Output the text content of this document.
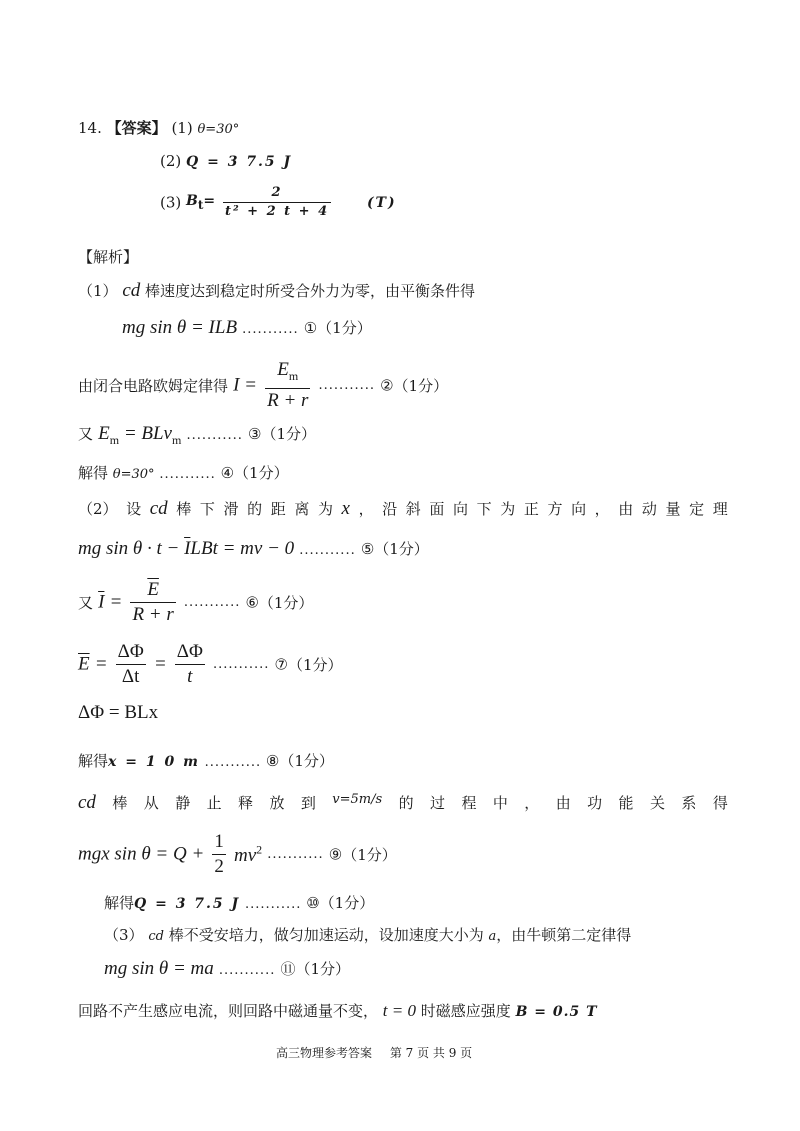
14. 【答案】 (1) θ=30°
(2) Q = 3 7.5 J
(3) $B_t= \frac{2}{\text{t² + 2 t + 4}}$	(T)
【解析】
（1） cd 棒速度达到稳定时所受合外力为零，由平衡条件得
mg sin θ = ILB ........... ①（1分）
由闭合电路欧姆定律得 $I = \frac{E_m}{R + r}$ ........... ②（1分）
又 $E_m = BLv_m$ ........... ③（1分）
解得 θ=30° ........... ④（1分）
（2） 设 cd 棒 下 滑 的 距 离 为 x ， 沿 斜 面 向 下 为 正 方 向 ， 由 动 量 定 理
mg $\sin \theta \cdot t - \overline{I}LBt$ = mv − 0 ........... ⑤（1分）
又 $\overline{I} = \frac{\overline{E}}{R + r}$ ........... ⑥（1分）
$\overline{E} = \frac{\Delta\Phi}{\Delta t} = \frac{\Delta\Phi}{t}$ ........... ⑦（1分）
ΔΦ = BLx
解得x = 1 0 m ........... ⑧（1分）
cd 棒 从 静 止 释 放 到 v=5m/s 的 过 程 中 ， 由 功 能 关 系 得
mgx $\sin \theta = Q + \frac{1}{2} mv^2$ ........... ⑨（1分）
解得Q = 3 7.5 J ........... ⑩（1分）
（3） cd 棒不受安培力，做匀加速运动，设加速度大小为 a，由牛顿第二定律得
mg sin θ = ma ........... ⑪（1分）
回路不产生感应电流，则回路中磁通量不变， t = 0 时磁感应强度 B = 0.5 T
高三物理参考答案 第 7 页 共 9 页
